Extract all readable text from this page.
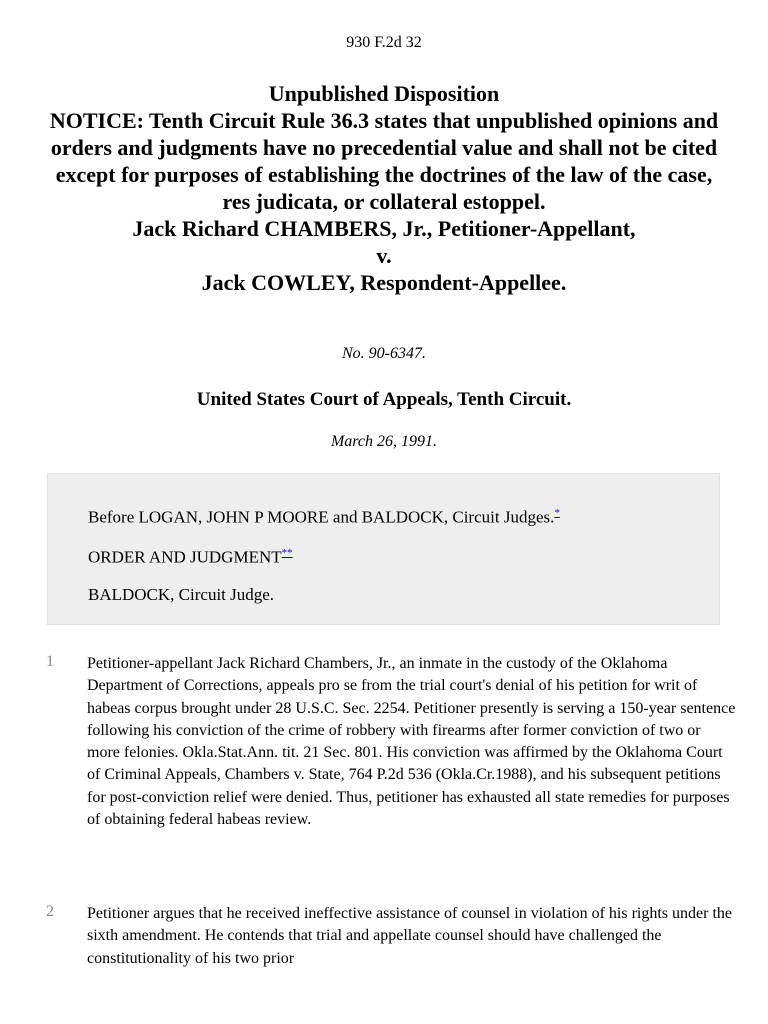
930 F.2d 32
Unpublished Disposition
NOTICE: Tenth Circuit Rule 36.3 states that unpublished opinions and orders and judgments have no precedential value and shall not be cited except for purposes of establishing the doctrines of the law of the case, res judicata, or collateral estoppel.
Jack Richard CHAMBERS, Jr., Petitioner-Appellant,
v.
Jack COWLEY, Respondent-Appellee.
No. 90-6347.
United States Court of Appeals, Tenth Circuit.
March 26, 1991.

Before LOGAN, JOHN P MOORE and BALDOCK, Circuit Judges.*

ORDER AND JUDGMENT**

BALDOCK, Circuit Judge.

1 Petitioner-appellant Jack Richard Chambers, Jr., an inmate in the custody of the Oklahoma Department of Corrections, appeals pro se from the trial court's denial of his petition for writ of habeas corpus brought under 28 U.S.C. Sec. 2254. Petitioner presently is serving a 150-year sentence following his conviction of the crime of robbery with firearms after former conviction of two or more felonies. Okla.Stat.Ann. tit. 21 Sec. 801. His conviction was affirmed by the Oklahoma Court of Criminal Appeals, Chambers v. State, 764 P.2d 536 (Okla.Cr.1988), and his subsequent petitions for post-conviction relief were denied. Thus, petitioner has exhausted all state remedies for purposes of obtaining federal habeas review.
2 Petitioner argues that he received ineffective assistance of counsel in violation of his rights under the sixth amendment. He contends that trial and appellate counsel should have challenged the constitutionality of his two prior
